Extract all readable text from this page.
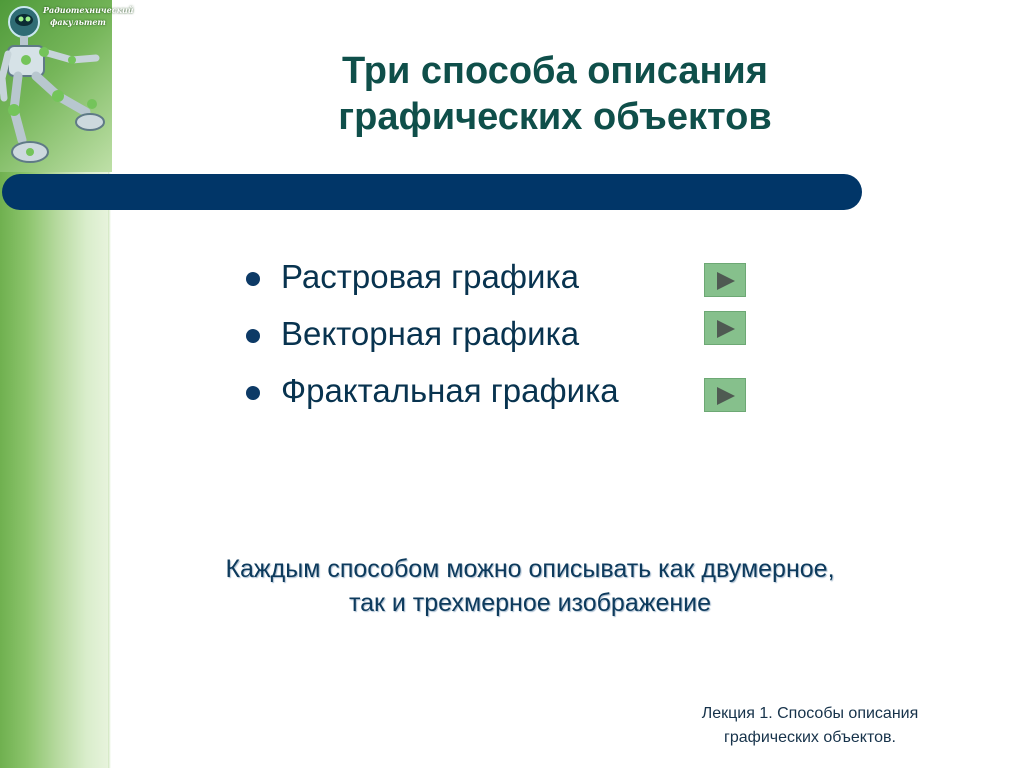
Радиотехнический факультет
Три способа описания
графических объектов
Растровая графика
Векторная графика
Фрактальная графика
Каждым способом можно описывать как двумерное,
так и трехмерное изображение
Лекция 1. Способы описания
графических объектов.
